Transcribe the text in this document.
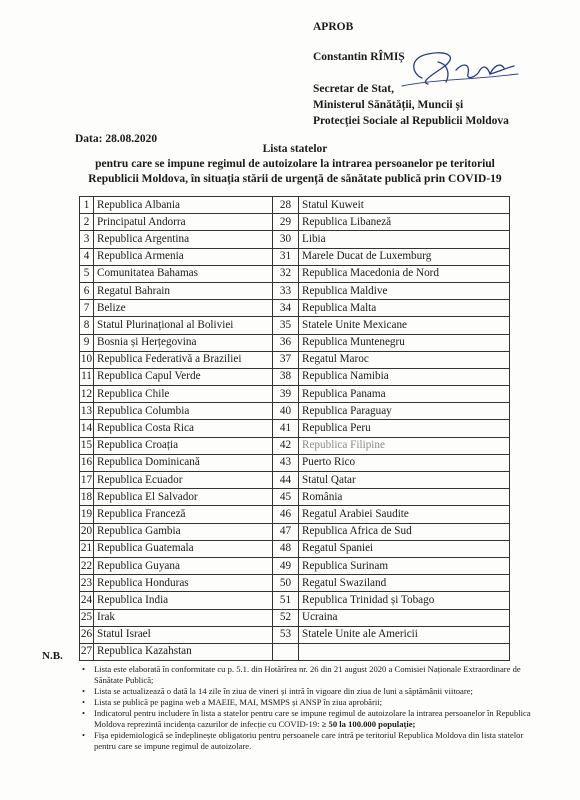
APROB
Constantin RÎMIȘ
Secretar de Stat,
Ministerul Sănătății, Muncii și
Protecției Sociale al Republicii Moldova
Data: 28.08.2020
Lista statelor
pentru care se impune regimul de autoizolare la intrarea persoanelor pe teritoriul
Republicii Moldova, în situația stării de urgență de sănătate publică prin COVID-19
1	Republica Albania	28	Statul Kuweit
2	Principatul Andorra	29	Republica Libaneză
3	Republica Argentina	30	Libia
4	Republica Armenia	31	Marele Ducat de Luxemburg
5	Comunitatea Bahamas	32	Republica Macedonia de Nord
6	Regatul Bahrain	33	Republica Maldive
7	Belize	34	Republica Malta
8	Statul Plurinațional al Boliviei	35	Statele Unite Mexicane
9	Bosnia și Herțegovina	36	Republica Muntenegru
10	Republica Federativă a Braziliei	37	Regatul Maroc
11	Republica Capul Verde	38	Republica Namibia
12	Republica Chile	39	Republica Panama
13	Republica Columbia	40	Republica Paraguay
14	Republica Costa Rica	41	Republica Peru
15	Republica Croația	42	Republica Filipine
16	Republica Dominicană	43	Puerto Rico
17	Republica Ecuador	44	Statul Qatar
18	Republica El Salvador	45	România
19	Republica Franceză	46	Regatul Arabiei Saudite
20	Republica Gambia	47	Republica Africa de Sud
21	Republica Guatemala	48	Regatul Spaniei
22	Republica Guyana	49	Republica Surinam
23	Republica Honduras	50	Regatul Swaziland
24	Republica India	51	Republica Trinidad și Tobago
25	Irak	52	Ucraina
26	Statul Israel	53	Statele Unite ale Americii
27	Republica Kazahstan		
N.B.
• Lista este elaborată în conformitate cu p. 5.1. din Hotărîrea nr. 26 din 21 august 2020 a Comisiei Naționale Extraordinare de Sănătate Publică;
• Lista se actualizează o dată la 14 zile în ziua de vineri și intră în vigoare din ziua de luni a săptămânii viitoare;
• Lista se publică pe pagina web a MAEIE, MAI, MSMPS și ANSP în ziua aprobării;
• Indicatorul pentru includere în lista a statelor pentru care se impune regimul de autoizolare la intrarea persoanelor în Republica Moldova reprezintă incidența cazurilor de infecție cu COVID-19: ≥ 50 la 100.000 populație;
• Fișa epidemiologică se îndeplinește obligatoriu pentru persoanele care intră pe teritoriul Republica Moldova din lista statelor pentru care se impune regimul de autoizolare.
